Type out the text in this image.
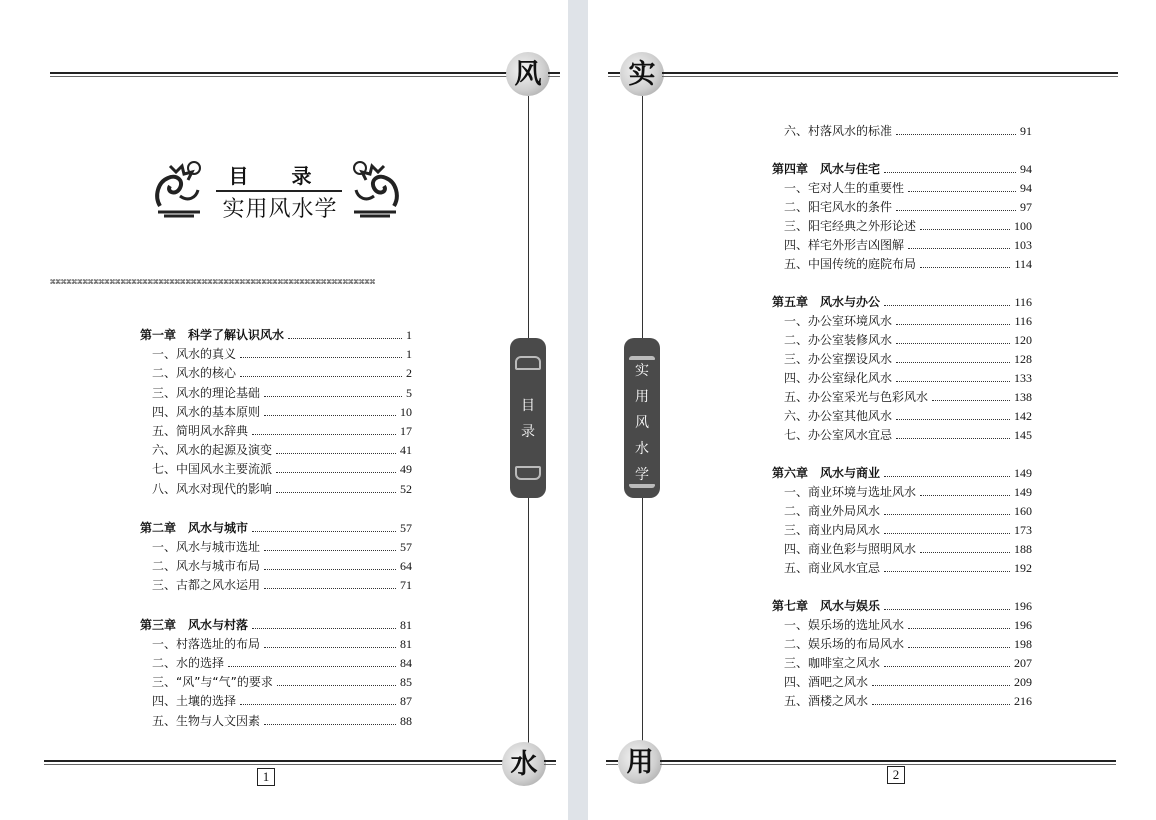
风
目
录
目 录
实用风水学
⌘⌘⌘⌘⌘⌘⌘⌘⌘⌘⌘⌘⌘⌘⌘⌘⌘⌘⌘⌘⌘⌘⌘⌘⌘⌘⌘⌘⌘⌘⌘⌘⌘⌘⌘⌘⌘⌘⌘⌘⌘⌘⌘⌘⌘⌘⌘⌘⌘⌘⌘⌘⌘⌘⌘⌘⌘⌘⌘⌘
第一章　科学了解认识风水	1
一、风水的真义	1
二、风水的核心	2
三、风水的理论基础	5
四、风水的基本原则	10
五、简明风水辞典	17
六、风水的起源及演变	41
七、中国风水主要流派	49
八、风水对现代的影响	52
第二章　风水与城市	57
一、风水与城市选址	57
二、风水与城市布局	64
三、古都之风水运用	71
第三章　风水与村落	81
一、村落选址的布局	81
二、水的选择	84
三、“风”与“气”的要求	85
四、土壤的选择	87
五、生物与人文因素	88
水
1
实
实
用
风
水
学
六、村落风水的标准	91
第四章　风水与住宅	94
一、宅对人生的重要性	94
二、阳宅风水的条件	97
三、阳宅经典之外形论述	100
四、样宅外形吉凶图解	103
五、中国传统的庭院布局	114
第五章　风水与办公	116
一、办公室环境风水	116
二、办公室装修风水	120
三、办公室摆设风水	128
四、办公室绿化风水	133
五、办公室采光与色彩风水	138
六、办公室其他风水	142
七、办公室风水宜忌	145
第六章　风水与商业	149
一、商业环境与选址风水	149
二、商业外局风水	160
三、商业内局风水	173
四、商业色彩与照明风水	188
五、商业风水宜忌	192
第七章　风水与娱乐	196
一、娱乐场的选址风水	196
二、娱乐场的布局风水	198
三、咖啡室之风水	207
四、酒吧之风水	209
五、酒楼之风水	216
用	2
